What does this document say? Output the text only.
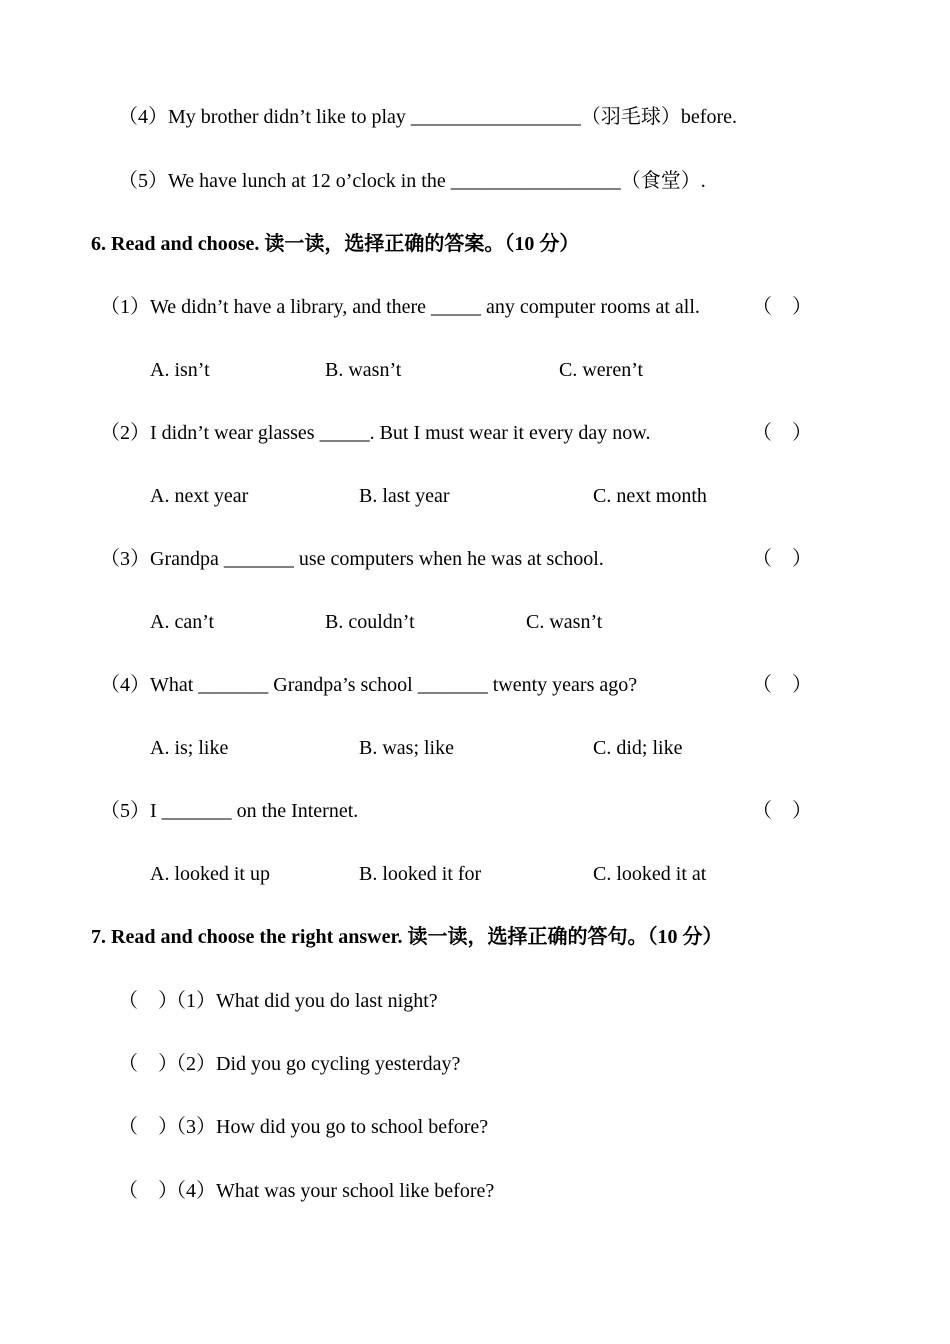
（4）My brother didn’t like to play _________________（羽毛球）before.
（5）We have lunch at 12 o’clock in the _________________（食堂）.
6. Read and choose. 读一读，选择正确的答案。（10 分）
（1）We didn’t have a library, and there _____ any computer rooms at all.	（　）
A. isn’t	B. wasn’t	C. weren’t
（2）I didn’t wear glasses _____. But I must wear it every day now.	（　）
A. next year	B. last year	C. next month
（3）Grandpa _______ use computers when he was at school.	（　）
A. can’t	B. couldn’t	C. wasn’t
（4）What _______ Grandpa’s school _______ twenty years ago?	（　）
A. is; like	B. was; like	C. did; like
（5）I _______ on the Internet.	（　）
A. looked it up	B. looked it for	C. looked it at
7. Read and choose the right answer. 读一读，选择正确的答句。（10 分）
（　）
（1）What did you do last night?
（　）
（2）Did you go cycling yesterday?
（　）
（3）How did you go to school before?
（　）
（4）What was your school like before?
